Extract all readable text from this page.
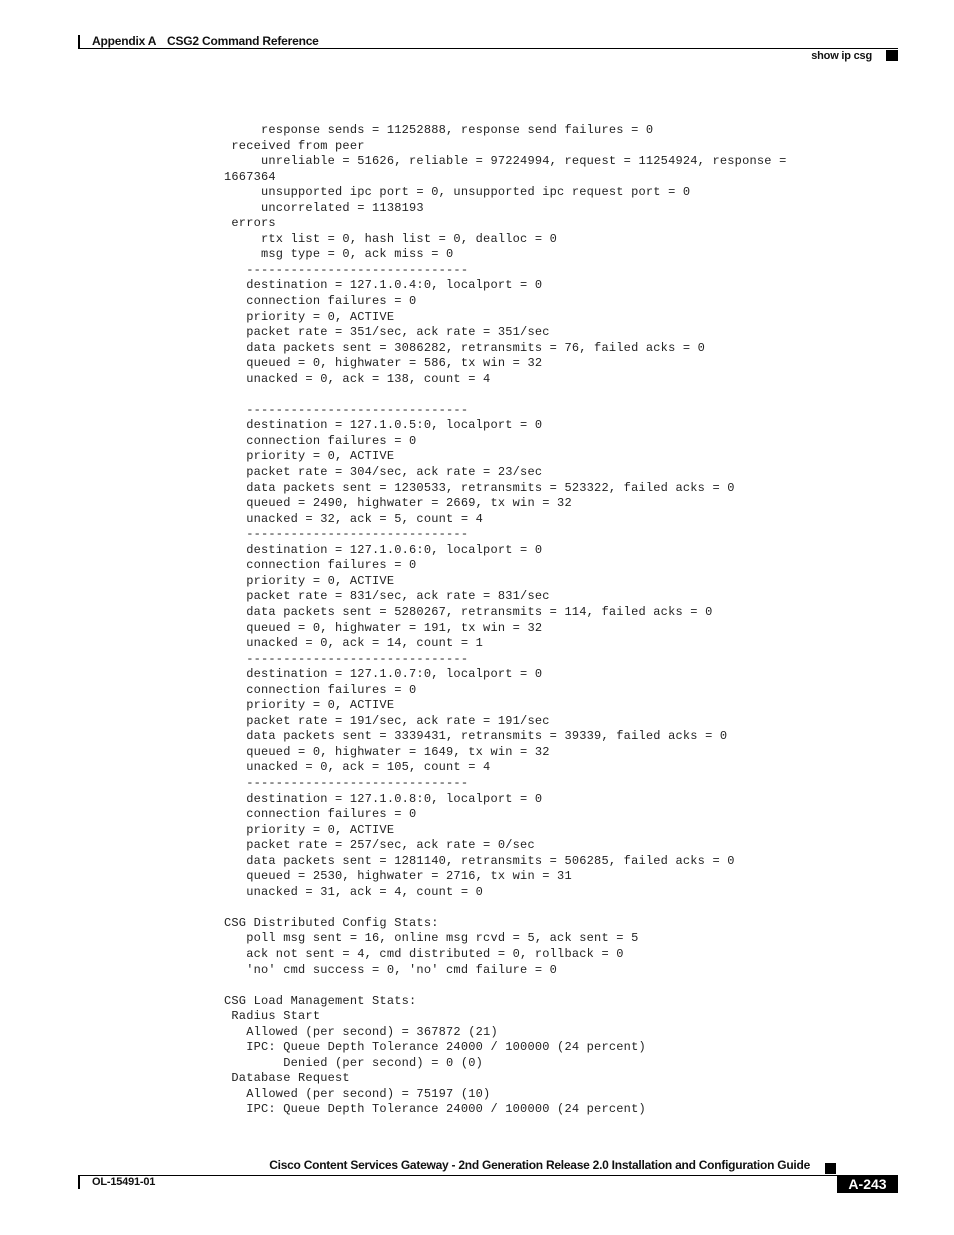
Appendix A CSG2 Command Reference
show ip csg
response sends = 11252888, response send failures = 0
received from peer
unreliable = 51626, reliable = 97224994, request = 11254924, response =
1667364
unsupported ipc port = 0, unsupported ipc request port = 0
uncorrelated = 1138193
errors
rtx list = 0, hash list = 0, dealloc = 0
msg type = 0, ack miss = 0
------------------------------
destination = 127.1.0.4:0, localport = 0
connection failures = 0
priority = 0, ACTIVE
packet rate = 351/sec, ack rate = 351/sec
data packets sent = 3086282, retransmits = 76, failed acks = 0
queued = 0, highwater = 586, tx win = 32
unacked = 0, ack = 138, count = 4
------------------------------
destination = 127.1.0.5:0, localport = 0
connection failures = 0
priority = 0, ACTIVE
packet rate = 304/sec, ack rate = 23/sec
data packets sent = 1230533, retransmits = 523322, failed acks = 0
queued = 2490, highwater = 2669, tx win = 32
unacked = 32, ack = 5, count = 4
------------------------------
destination = 127.1.0.6:0, localport = 0
connection failures = 0
priority = 0, ACTIVE
packet rate = 831/sec, ack rate = 831/sec
data packets sent = 5280267, retransmits = 114, failed acks = 0
queued = 0, highwater = 191, tx win = 32
unacked = 0, ack = 14, count = 1
------------------------------
destination = 127.1.0.7:0, localport = 0
connection failures = 0
priority = 0, ACTIVE
packet rate = 191/sec, ack rate = 191/sec
data packets sent = 3339431, retransmits = 39339, failed acks = 0
queued = 0, highwater = 1649, tx win = 32
unacked = 0, ack = 105, count = 4
------------------------------
destination = 127.1.0.8:0, localport = 0
connection failures = 0
priority = 0, ACTIVE
packet rate = 257/sec, ack rate = 0/sec
data packets sent = 1281140, retransmits = 506285, failed acks = 0
queued = 2530, highwater = 2716, tx win = 31
unacked = 31, ack = 4, count = 0
CSG Distributed Config Stats:
poll msg sent = 16, online msg rcvd = 5, ack sent = 5
ack not sent = 4, cmd distributed = 0, rollback = 0
'no' cmd success = 0, 'no' cmd failure = 0
CSG Load Management Stats:
Radius Start
Allowed (per second) = 367872 (21)
IPC: Queue Depth Tolerance 24000 / 100000 (24 percent)
Denied (per second) = 0 (0)
Database Request
Allowed (per second) = 75197 (10)
IPC: Queue Depth Tolerance 24000 / 100000 (24 percent)
Cisco Content Services Gateway - 2nd Generation Release 2.0 Installation and Configuration Guide
OL-15491-01	A-243
